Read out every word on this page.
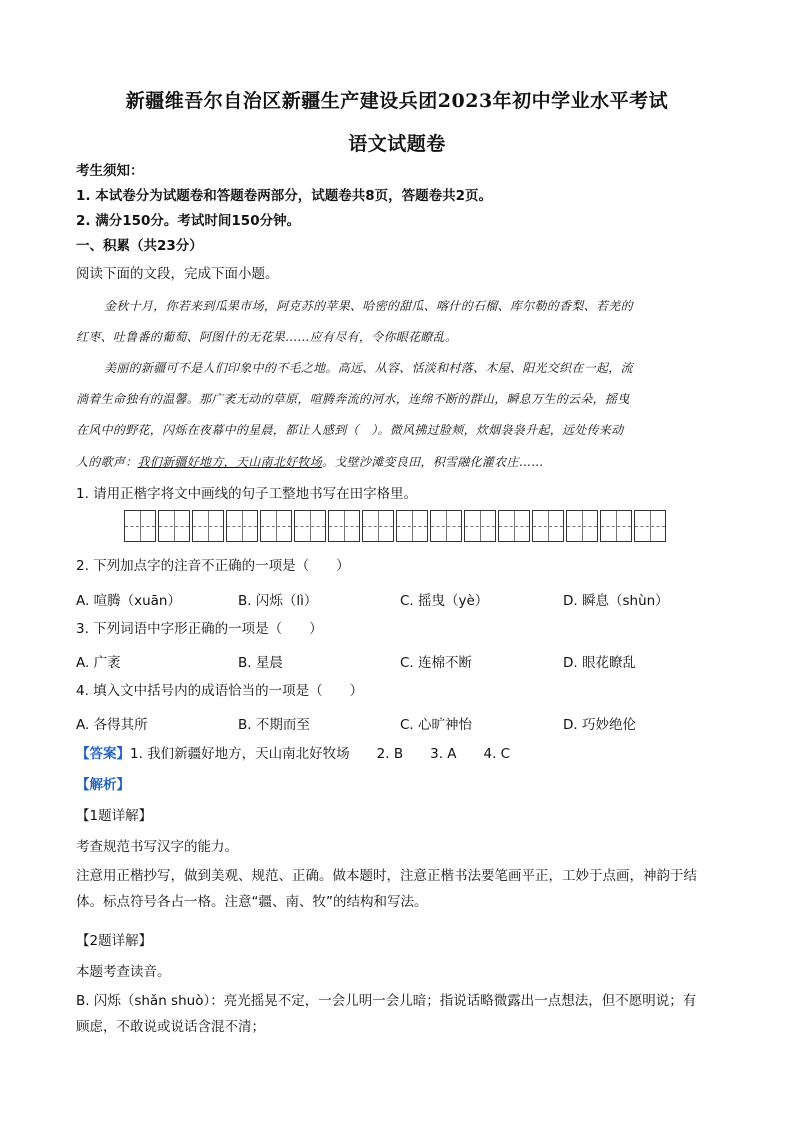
新疆维吾尔自治区新疆生产建设兵团2023年初中学业水平考试
语文试题卷
考生须知：
1. 本试卷分为试题卷和答题卷两部分，试题卷共8页，答题卷共2页。
2. 满分150分。考试时间150分钟。
一、积累（共23分）
阅读下面的文段，完成下面小题。
金秋十月，你若来到瓜果市场，阿克苏的苹果、哈密的甜瓜、喀什的石榴、库尔勒的香梨、若羌的
红枣、吐鲁番的葡萄、阿图什的无花果……应有尽有，令你眼花瞭乱。
美丽的新疆可不是人们印象中的不毛之地。高远、从容、恬淡和村落、木屋、阳光交织在一起，流
淌着生命独有的温馨。那广袤无动的草原，喧腾奔流的河水，连绵不断的群山，瞬息万生的云朵，摇曳
在风中的野花，闪烁在夜幕中的星晨，都让人感到（　）。微风拂过脸颊，炊烟袅袅升起，远处传来动
人的歌声：我们新疆好地方，天山南北好牧场。戈壁沙滩变良田，积雪融化灌农庄……
1. 请用正楷字将文中画线的句子工整地书写在田字格里。
2. 下列加点字的注音不正确的一项是（　　）
A. 喧腾（xuān）	B. 闪烁（lì）	C. 摇曳（yè）	D. 瞬息（shùn）
3. 下列词语中字形正确的一项是（　　）
A. 广袤	B. 星晨	C. 连棉不断	D. 眼花瞭乱
4. 填入文中括号内的成语恰当的一项是（　　）
A. 各得其所	B. 不期而至	C. 心旷神怡	D. 巧妙绝伦
【答案】1. 我们新疆好地方，天山南北好牧场　　2. B　　3. A　　4. C
【解析】
【1题详解】
考查规范书写汉字的能力。
注意用正楷抄写，做到美观、规范、正确。做本题时，注意正楷书法要笔画平正，工妙于点画，神韵于结体。标点符号各占一格。注意“疆、南、牧”的结构和写法。
【2题详解】
本题考查读音。
B. 闪烁（shǎn shuò）：亮光摇晃不定，一会儿明一会儿暗；指说话略微露出一点想法，但不愿明说；有顾虑，不敢说或说话含混不清；
